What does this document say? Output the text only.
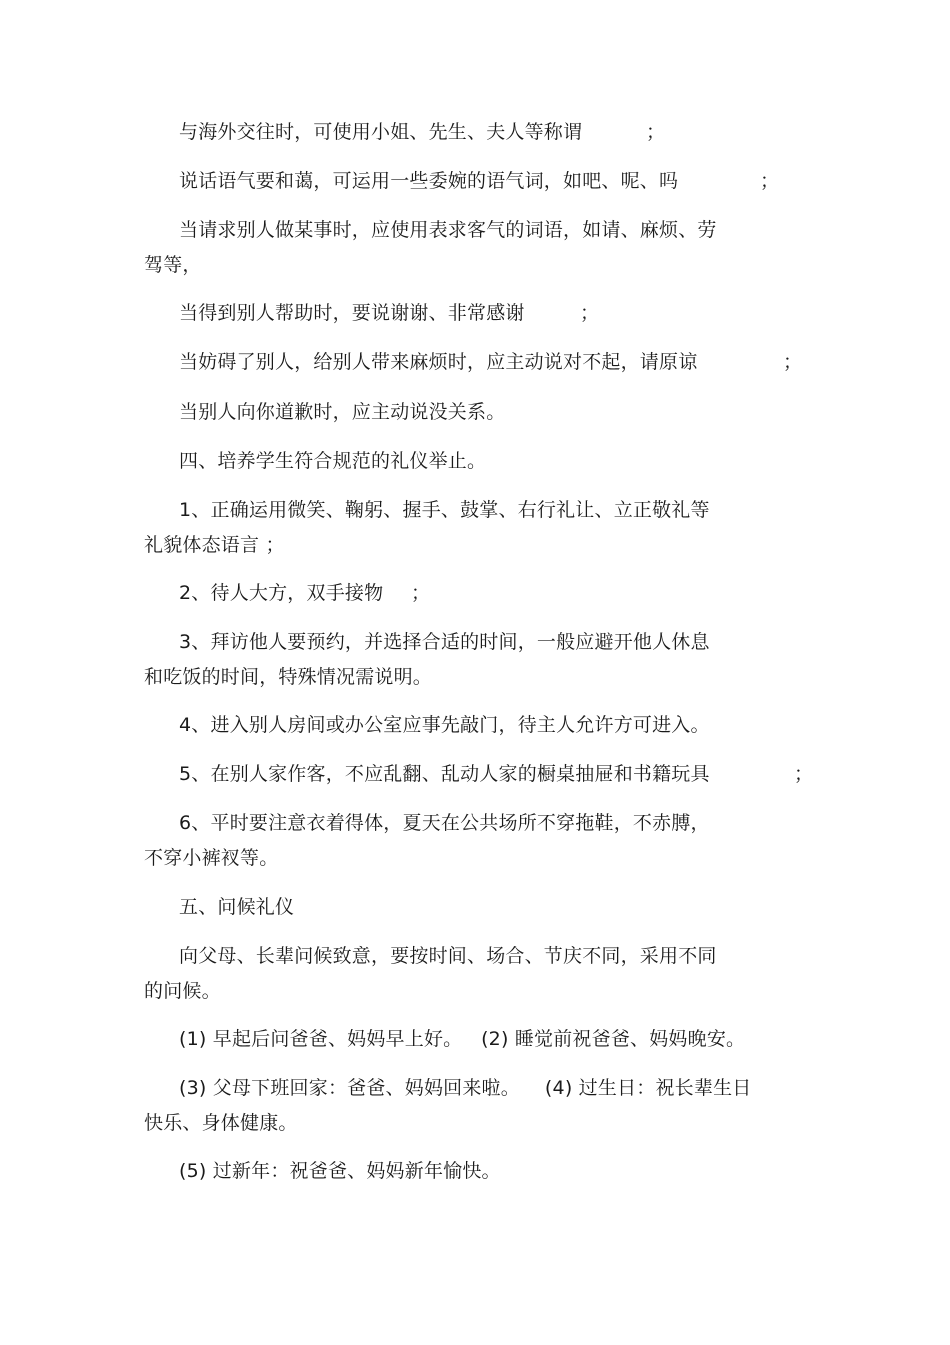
与海外交往时，可使用小姐、先生、夫人等称谓	；
说话语气要和蔼，可运用一些委婉的语气词，如吧、呢、吗	；
当请求别人做某事时，应使用表求客气的词语，如请、麻烦、劳
驾等，
当得到别人帮助时，要说谢谢、非常感谢	；
当妨碍了别人，给别人带来麻烦时，应主动说对不起，请原谅	；
当别人向你道歉时，应主动说没关系。
四、培养学生符合规范的礼仪举止。
1、正确运用微笑、鞠躬、握手、鼓掌、右行礼让、立正敬礼等
礼貌体态语言 ；
2、待人大方，双手接物 ；
3、拜访他人要预约，并选择合适的时间，一般应避开他人休息
和吃饭的时间，特殊情况需说明。
4、进入别人房间或办公室应事先敲门，待主人允许方可进入。
5、在别人家作客，不应乱翻、乱动人家的橱桌抽屉和书籍玩具	；
6、平时要注意衣着得体，夏天在公共场所不穿拖鞋，不赤膊，
不穿小裤衩等。
五、问候礼仪
向父母、长辈问候致意，要按时间、场合、节庆不同，采用不同
的问候。
(1) 早起后问爸爸、妈妈早上好。   (2) 睡觉前祝爸爸、妈妈晚安。
(3) 父母下班回家：爸爸、妈妈回来啦。    (4) 过生日：祝长辈生日
快乐、身体健康。
(5) 过新年：祝爸爸、妈妈新年愉快。
